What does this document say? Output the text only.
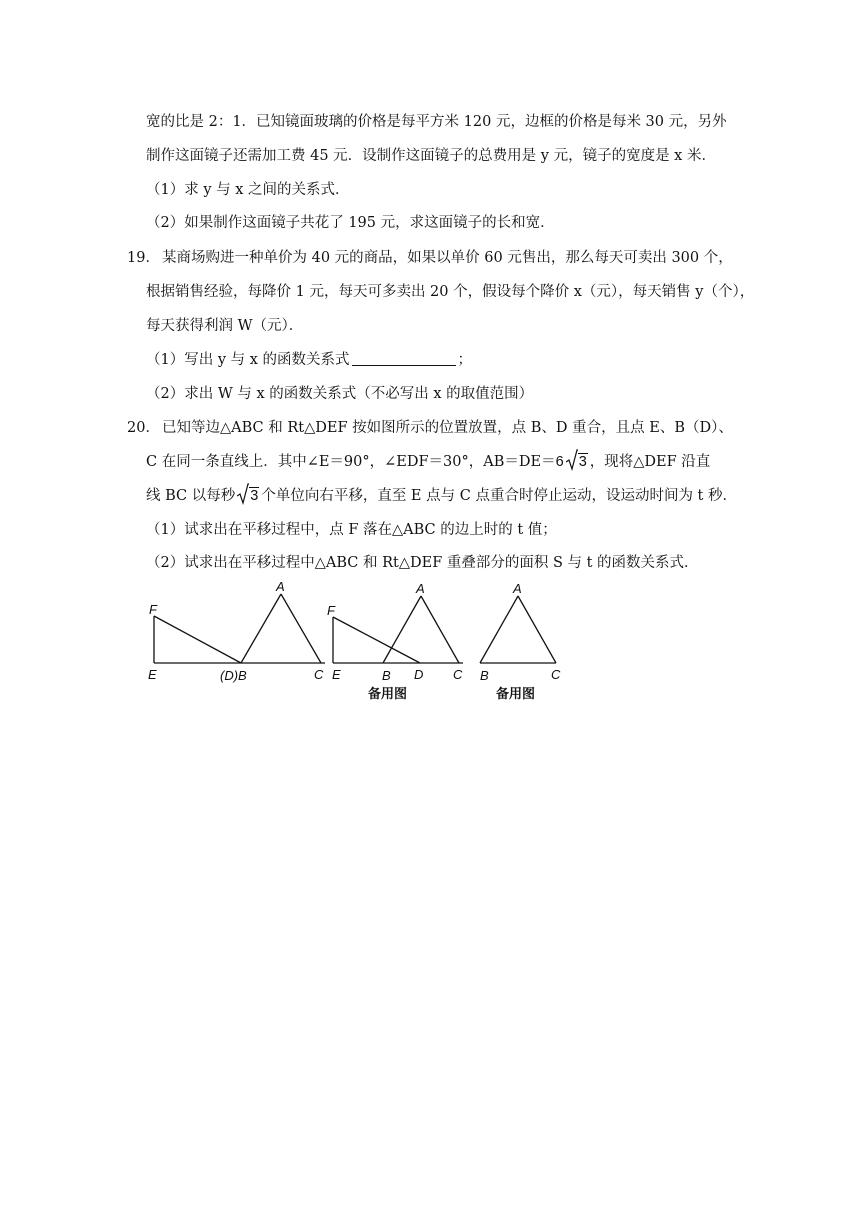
宽的比是 2：1．已知镜面玻璃的价格是每平方米 120 元，边框的价格是每米 30 元，另外
制作这面镜子还需加工费 45 元．设制作这面镜子的总费用是 y 元，镜子的宽度是 x 米．
（1）求 y 与 x 之间的关系式．
（2）如果制作这面镜子共花了 195 元，求这面镜子的长和宽．
19． 某商场购进一种单价为 40 元的商品，如果以单价 60 元售出，那么每天可卖出 300 个，
根据销售经验，每降价 1 元，每天可多卖出 20 个，假设每个降价 x（元），每天销售 y（个），
每天获得利润 W（元）．
（1）写出 y 与 x 的函数关系式	；
（2）求出 W 与 x 的函数关系式（不必写出 x 的取值范围）
20． 已知等边△ABC 和 Rt△DEF 按如图所示的位置放置，点 B、D 重合，且点 E、B（D）、
C 在同一条直线上．其中∠E＝90°，∠EDF＝30°，AB＝DE＝6 3 ，现将△DEF 沿直
线 BC 以每秒 3 个单位向右平移，直至 E 点与 C 点重合时停止运动，设运动时间为 t 秒．
（1）试求出在平移过程中，点 F 落在△ABC 的边上时的 t 值；
（2）试求出在平移过程中△ABC 和 Rt△DEF 重叠部分的面积 S 与 t 的函数关系式．
F
E	(D)B	C
A
F
E	B D C
A
备用图
A
B	C
备用图
